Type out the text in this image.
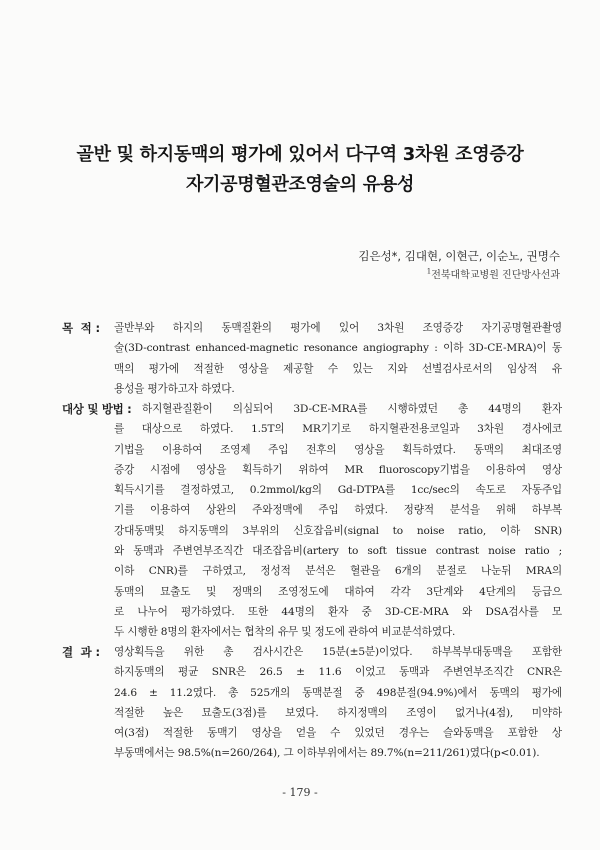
골반 및 하지동맥의 평가에 있어서 다구역 3차원 조영증강
자기공명혈관조영술의 유용성
김은성*, 김대현, 이현근, 이순노, 권명수
$^1$전북대학교병원 진단방사선과
목  적 : 골반부와 하지의 동맥질환의 평가에 있어 3차원 조영증강 자기공명혈관촬영
술(3D-contrast enhanced-magnetic resonance angiography : 이하 3D-CE-MRA)이 동
맥의 평가에 적절한 영상을 제공할 수 있는 지와 선별검사로서의 임상적 유
용성을 평가하고자 하였다.
대상 및 방법 : 하지혈관질환이 의심되어 3D-CE-MRA를 시행하였던 총 44명의 환자
를 대상으로 하였다. 1.5T의 MR기기로 하지혈관전용코일과 3차원 경사에코
기법을 이용하여 조영제 주입 전후의 영상을 획득하였다. 동맥의 최대조영
증강 시점에 영상을 획득하기 위하여 MR fluoroscopy기법을 이용하여 영상
획득시기를 결정하였고, 0.2mmol/kg의 Gd-DTPA를 1cc/sec의 속도로 자동주입
기를 이용하여 상완의 주와정맥에 주입 하였다. 정량적 분석을 위해 하부복
강대동맥및 하지동맥의 3부위의 신호잡음비(signal to noise ratio, 이하 SNR)
와 동맥과 주변연부조직간 대조잡음비(artery to soft tissue contrast noise ratio ;
이하 CNR)를 구하였고, 정성적 분석은 혈관을 6개의 분절로 나눈뒤 MRA의
동맥의 묘출도 및 정맥의 조영정도에 대하여 각각 3단계와 4단계의 등급으
로 나누어 평가하였다. 또한 44명의 환자 중 3D-CE-MRA 와 DSA검사를 모
두 시행한 8명의 환자에서는 협착의 유무 및 정도에 관하여 비교분석하였다.
결  과 : 영상획득을 위한 총 검사시간은 15분(±5분)이었다. 하부복부대동맥을 포함한
하지동맥의 평균 SNR은 26.5 ± 11.6 이었고 동맥과 주변연부조직간 CNR은
24.6 ± 11.2였다. 총 525개의 동맥분절 중 498분절(94.9%)에서 동맥의 평가에
적절한 높은 묘출도(3점)를 보였다. 하지정맥의 조영이 없거나(4점), 미약하
여(3점) 적절한 동맥기 영상을 얻을 수 있었던 경우는 슬와동맥을 포함한 상
부동맥에서는 98.5%(n=260/264), 그 이하부위에서는 89.7%(n=211/261)였다(p<0.01).
- 179 -
